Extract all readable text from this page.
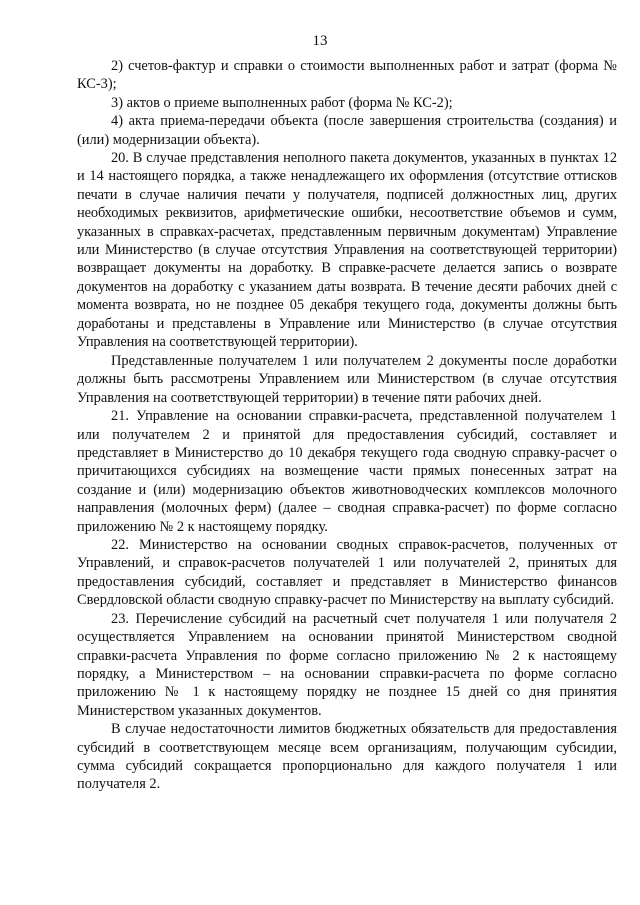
13

2) счетов-фактур и справки о стоимости выполненных работ и затрат (форма № КС-3);

3) актов о приеме выполненных работ (форма № КС-2);

4) акта приема-передачи объекта (после завершения строительства (создания) и (или) модернизации объекта).

20. В случае представления неполного пакета документов, указанных в пунктах 12 и 14 настоящего порядка, а также ненадлежащего их оформления (отсутствие оттисков печати в случае наличия печати у получателя, подписей должностных лиц, других необходимых реквизитов, арифметические ошибки, несоответствие объемов и сумм, указанных в справках-расчетах, представленным первичным документам) Управление или Министерство (в случае отсутствия Управления на соответствующей территории) возвращает документы на доработку. В справке-расчете делается запись о возврате документов на доработку с указанием даты возврата. В течение десяти рабочих дней с момента возврата, но не позднее 05 декабря текущего года, документы должны быть доработаны и представлены в Управление или Министерство (в случае отсутствия Управления на соответствующей территории).

Представленные получателем 1 или получателем 2 документы после доработки должны быть рассмотрены Управлением или Министерством (в случае отсутствия Управления на соответствующей территории) в течение пяти рабочих дней.

21. Управление на основании справки-расчета, представленной получателем 1 или получателем 2 и принятой для предоставления субсидий, составляет и представляет в Министерство до 10 декабря текущего года сводную справку-расчет о причитающихся субсидиях на возмещение части прямых понесенных затрат на создание и (или) модернизацию объектов животноводческих комплексов молочного направления (молочных ферм) (далее – сводная справка-расчет) по форме согласно приложению № 2 к настоящему порядку.

22. Министерство на основании сводных справок-расчетов, полученных от Управлений, и справок-расчетов получателей 1 или получателей 2, принятых для предоставления субсидий, составляет и представляет в Министерство финансов Свердловской области сводную справку-расчет по Министерству на выплату субсидий.

23. Перечисление субсидий на расчетный счет получателя 1 или получателя 2 осуществляется Управлением на основании принятой Министерством сводной справки-расчета Управления по форме согласно приложению № 2 к настоящему порядку, а Министерством – на основании справки-расчета по форме согласно приложению № 1 к настоящему порядку не позднее 15 дней со дня принятия Министерством указанных документов.

В случае недостаточности лимитов бюджетных обязательств для предоставления субсидий в соответствующем месяце всем организациям, получающим субсидии, сумма субсидий сокращается пропорционально для каждого получателя 1 или получателя 2.
